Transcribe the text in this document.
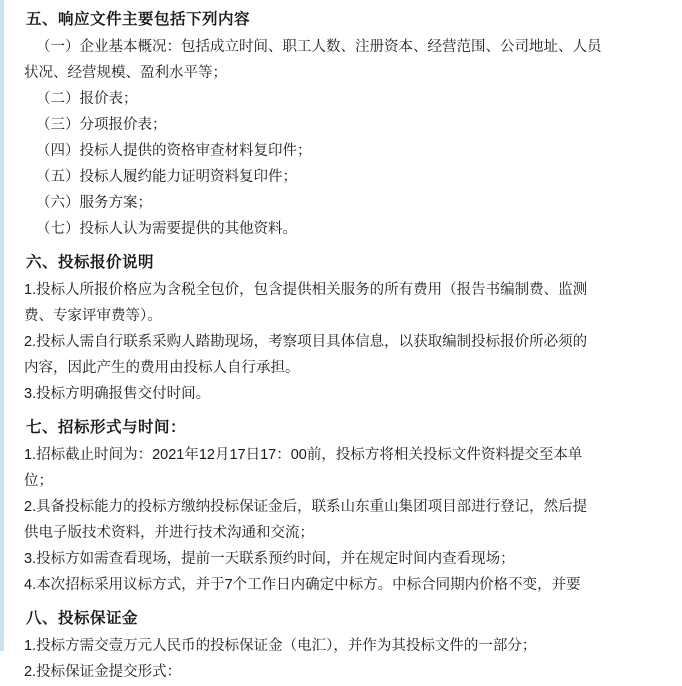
五、响应文件主要包括下列内容
（一）企业基本概况：包括成立时间、职工人数、注册资本、经营范围、公司地址、人员
状况、经营规模、盈利水平等；
（二）报价表；
（三）分项报价表；
（四）投标人提供的资格审查材料复印件；
（五）投标人履约能力证明资料复印件；
（六）服务方案；
（七）投标人认为需要提供的其他资料。
六、投标报价说明
1.投标人所报价格应为含税全包价，包含提供相关服务的所有费用（报告书编制费、监测
费、专家评审费等）。
2.投标人需自行联系采购人踏勘现场，考察项目具体信息，以获取编制投标报价所必须的
内容，因此产生的费用由投标人自行承担。
3.投标方明确报售交付时间。
七、招标形式与时间：
1.招标截止时间为：2021年12月17日17：00前，投标方将相关投标文件资料提交至本单
位；
2.具备投标能力的投标方缴纳投标保证金后，联系山东重山集团项目部进行登记，然后提
供电子版技术资料，并进行技术沟通和交流；
3.投标方如需查看现场，提前一天联系预约时间，并在规定时间内查看现场；
4.本次招标采用议标方式，并于7个工作日内确定中标方。中标合同期内价格不变，并要
八、投标保证金
1.投标方需交壹万元人民币的投标保证金（电汇），并作为其投标文件的一部分；
2.投标保证金提交形式：
